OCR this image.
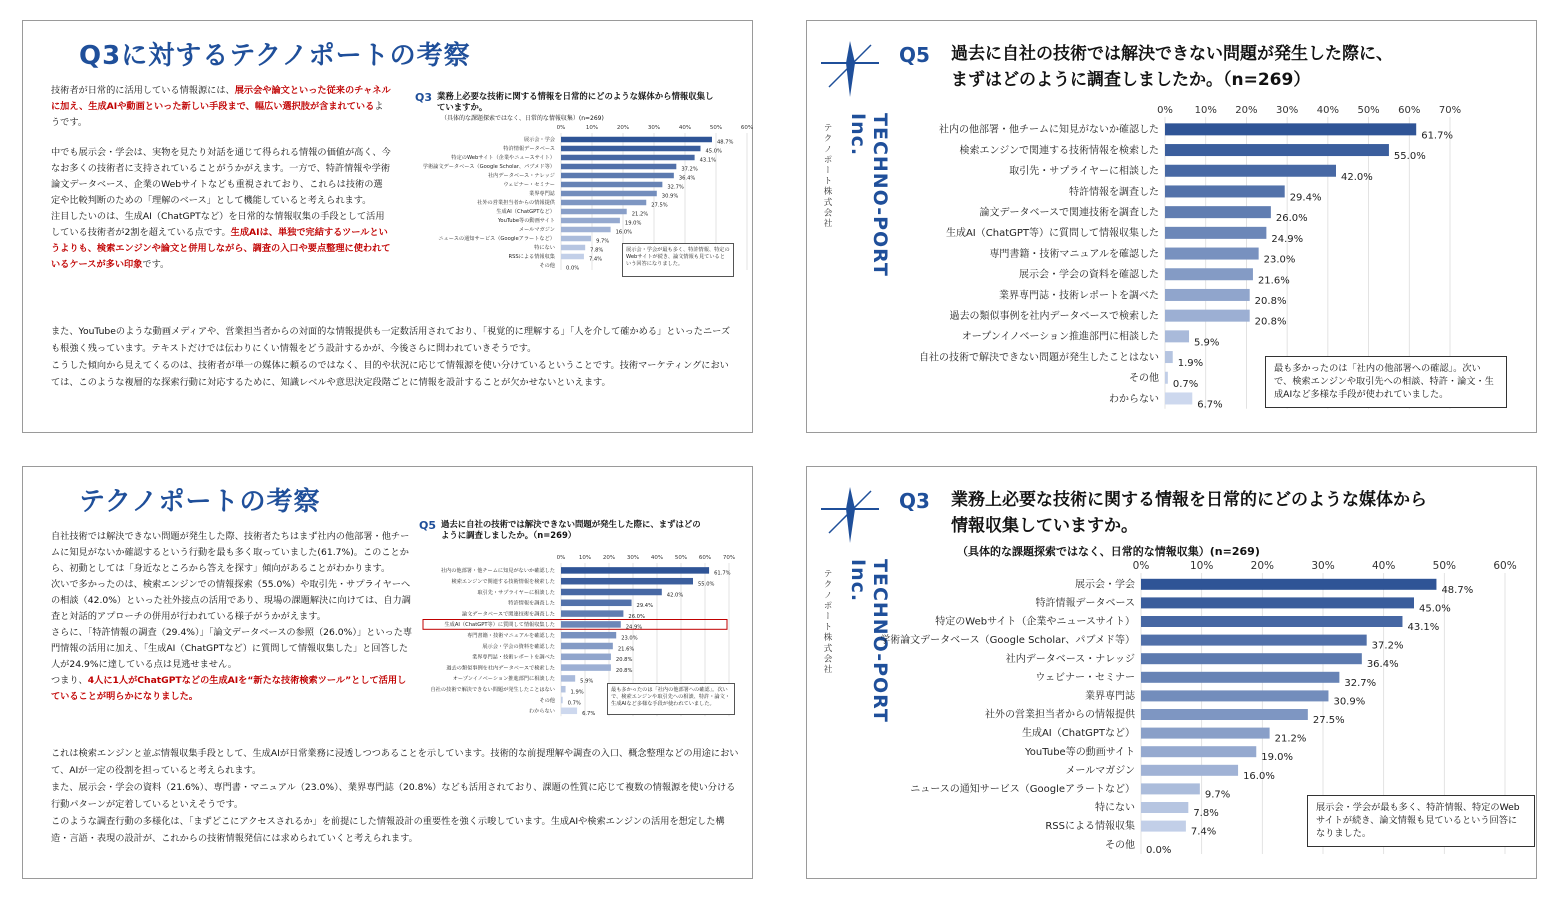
Q3に対するテクノポートの考察

技術者が日常的に活用している情報源には、展示会や論文といった従来のチャネルに加え、生成AIや動画といった新しい手段まで、幅広い選択肢が含まれているようです。

中でも展示会・学会は、実物を見たり対話を通じて得られる情報の価値が高く、今なお多くの技術者に支持されていることがうかがえます。一方で、特許情報や学術論文データベース、企業のWebサイトなども重視されており、これらは技術の選定や比較判断のための「理解のベース」として機能していると考えられます。

注目したいのは、生成AI（ChatGPTなど）を日常的な情報収集の手段として活用している技術者が2割を超えている点です。生成AIは、単独で完結するツールというよりも、検索エンジンや論文と併用しながら、調査の入口や要点整理に使われているケースが多い印象です。

Q3 業務上必要な技術に関する情報を日常的にどのような媒体から情報収集していますか。
（具体的な課題探索ではなく、日常的な情報収集）(n=269)
0%	10%	20%	30%	40%	50%	60%
展示会・学会	48.7%
特許情報データベース	45.0%
特定のWebサイト（企業やニュースサイト）	43.1%
学術論文データベース（Google Scholar、パブメド等）	37.2%
社内データベース・ナレッジ	36.4%
ウェビナー・セミナー	32.7%
業界専門誌	30.9%
社外の営業担当者からの情報提供	27.5%
生成AI（ChatGPTなど）	21.2%
YouTube等の動画サイト	19.0%
メールマガジン	16.0%
ニュースの通知サービス（Googleアラートなど）	9.7%
特にない	7.8%
RSSによる情報収集	7.4%
その他 0.0%
展示会・学会が最も多く、特許情報、特定のWebサイトが続き、論文情報も見ているという回答になりました。

また、YouTubeのような動画メディアや、営業担当者からの対面的な情報提供も一定数活用されており、「視覚的に理解する」「人を介して確かめる」といったニーズも根強く残っています。テキストだけでは伝わりにくい情報をどう設計するかが、今後さらに問われていきそうです。

こうした傾向から見えてくるのは、技術者が単一の媒体に頼るのではなく、目的や状況に応じて情報源を使い分けているということです。技術マーケティングにおいては、このような複層的な探索行動に対応するために、知識レベルや意思決定段階ごとに情報を設計することが欠かせないといえます。

TECHNO-PORT Inc.
テクノポート株式会社
Q5 過去に自社の技術では解決できない問題が発生した際に、
まずはどのように調査しましたか。（n=269）
0% 10% 20% 30% 40% 50% 60% 70%
社内の他部署・他チームに知見がないか確認した
61.7%
検索エンジンで関連する技術情報を検索した
55.0%
取引先・サプライヤーに相談した
42.0%
特許情報を調査した
29.4%
論文データベースで関連技術を調査した
26.0%
生成AI（ChatGPT等）に質問して情報収集した
24.9%
専門書籍・技術マニュアルを確認した
23.0%
展示会・学会の資料を確認した
21.6%
業界専門誌・技術レポートを調べた
20.8%
過去の類似事例を社内データベースで検索した
20.8%
オープンイノベーション推進部門に相談した
5.9%
自社の技術で解決できない問題が発生したことはない
1.9%
その他
0.7%
わからない
6.7%
最も多かったのは「社内の他部署への確認」。次いで、検索エンジンや取引先への相談、特許・論文・生成AIなど多様な手段が使われていました。
テクノポートの考察

自社技術では解決できない問題が発生した際、技術者たちはまず社内の他部署・他チームに知見がないか確認するという行動を最も多く取っていました(61.7%)。このことから、初動としては「身近なところから答えを探す」傾向があることがわかります。

次いで多かったのは、検索エンジンでの情報探索（55.0%）や取引先・サプライヤーへの相談（42.0%）といった社外接点の活用であり、現場の課題解決に向けては、自力調査と対話的アプローチの併用が行われている様子がうかがえます。

さらに、「特許情報の調査（29.4%）」「論文データベースの参照（26.0%）」といった専門情報の活用に加え、「生成AI（ChatGPTなど）に質問して情報収集した」と回答した人が24.9%に達している点は見逃せません。

つまり、4人に1人がChatGPTなどの生成AIを“新たな技術検索ツール”として活用していることが明らかになりました。

Q5 過去に自社の技術では解決できない問題が発生した際に、まずはどのように調査しましたか。（n=269）
0% 10% 20% 30% 40% 50% 60% 70%
社内の他部署・他チームに知見がないか確認した	61.7%
検索エンジンで関連する技術情報を検索した	55.0%
取引先・サプライヤーに相談した	42.0%
特許情報を調査した	29.4%
論文データベースで関連技術を調査した	26.0%
生成AI（ChatGPT等）に質問して情報収集した	24.9%
専門書籍・技術マニュアルを確認した	23.0%
展示会・学会の資料を確認した	21.6%
業界専門誌・技術レポートを調べた	20.8%
過去の類似事例を社内データベースで検索した	20.8%
オープンイノベーション推進部門に相談した	5.9%
自社の技術で解決できない問題が発生したことはない	1.9%
その他 0.7%
わからない	6.7%
最も多かったのは「社内の他部署への確認」。次いで、検索エンジンや取引先への相談、特許・論文・生成AIなど多様な手段が使われていました。

これは検索エンジンと並ぶ情報収集手段として、生成AIが日常業務に浸透しつつあることを示しています。技術的な前提理解や調査の入口、概念整理などの用途において、AIが一定の役割を担っていると考えられます。

また、展示会・学会の資料（21.6%）、専門書・マニュアル（23.0%）、業界専門誌（20.8%）なども活用されており、課題の性質に応じて複数の情報源を使い分ける行動パターンが定着しているといえそうです。

このような調査行動の多様化は、「まずどこにアクセスされるか」を前提にした情報設計の重要性を強く示唆しています。生成AIや検索エンジンの活用を想定した構造・言語・表現の設計が、これからの技術情報発信には求められていくと考えられます。

TECHNO-PORT Inc.
テクノポート株式会社
Q3 業務上必要な技術に関する情報を日常的にどのような媒体から
情報収集していますか。
（具体的な課題探索ではなく、日常的な情報収集）(n=269)
0%	10%	20%	30%	40%	50%	60%
展示会・学会	48.7%
特許情報データベース	45.0%
特定のWebサイト（企業やニュースサイト）	43.1%
学術論文データベース（Google Scholar、パブメド等）	37.2%
社内データベース・ナレッジ	36.4%
ウェビナー・セミナー	32.7%
業界専門誌	30.9%
社外の営業担当者からの情報提供	27.5%
生成AI（ChatGPTなど）	21.2%
YouTube等の動画サイト	19.0%
メールマガジン	16.0%
ニュースの通知サービス（Googleアラートなど）	9.7%
特にない	7.8%
RSSによる情報収集	7.4%
その他 0.0%
展示会・学会が最も多く、特許情報、特定のWebサイトが続き、論文情報も見ているという回答になりました。
